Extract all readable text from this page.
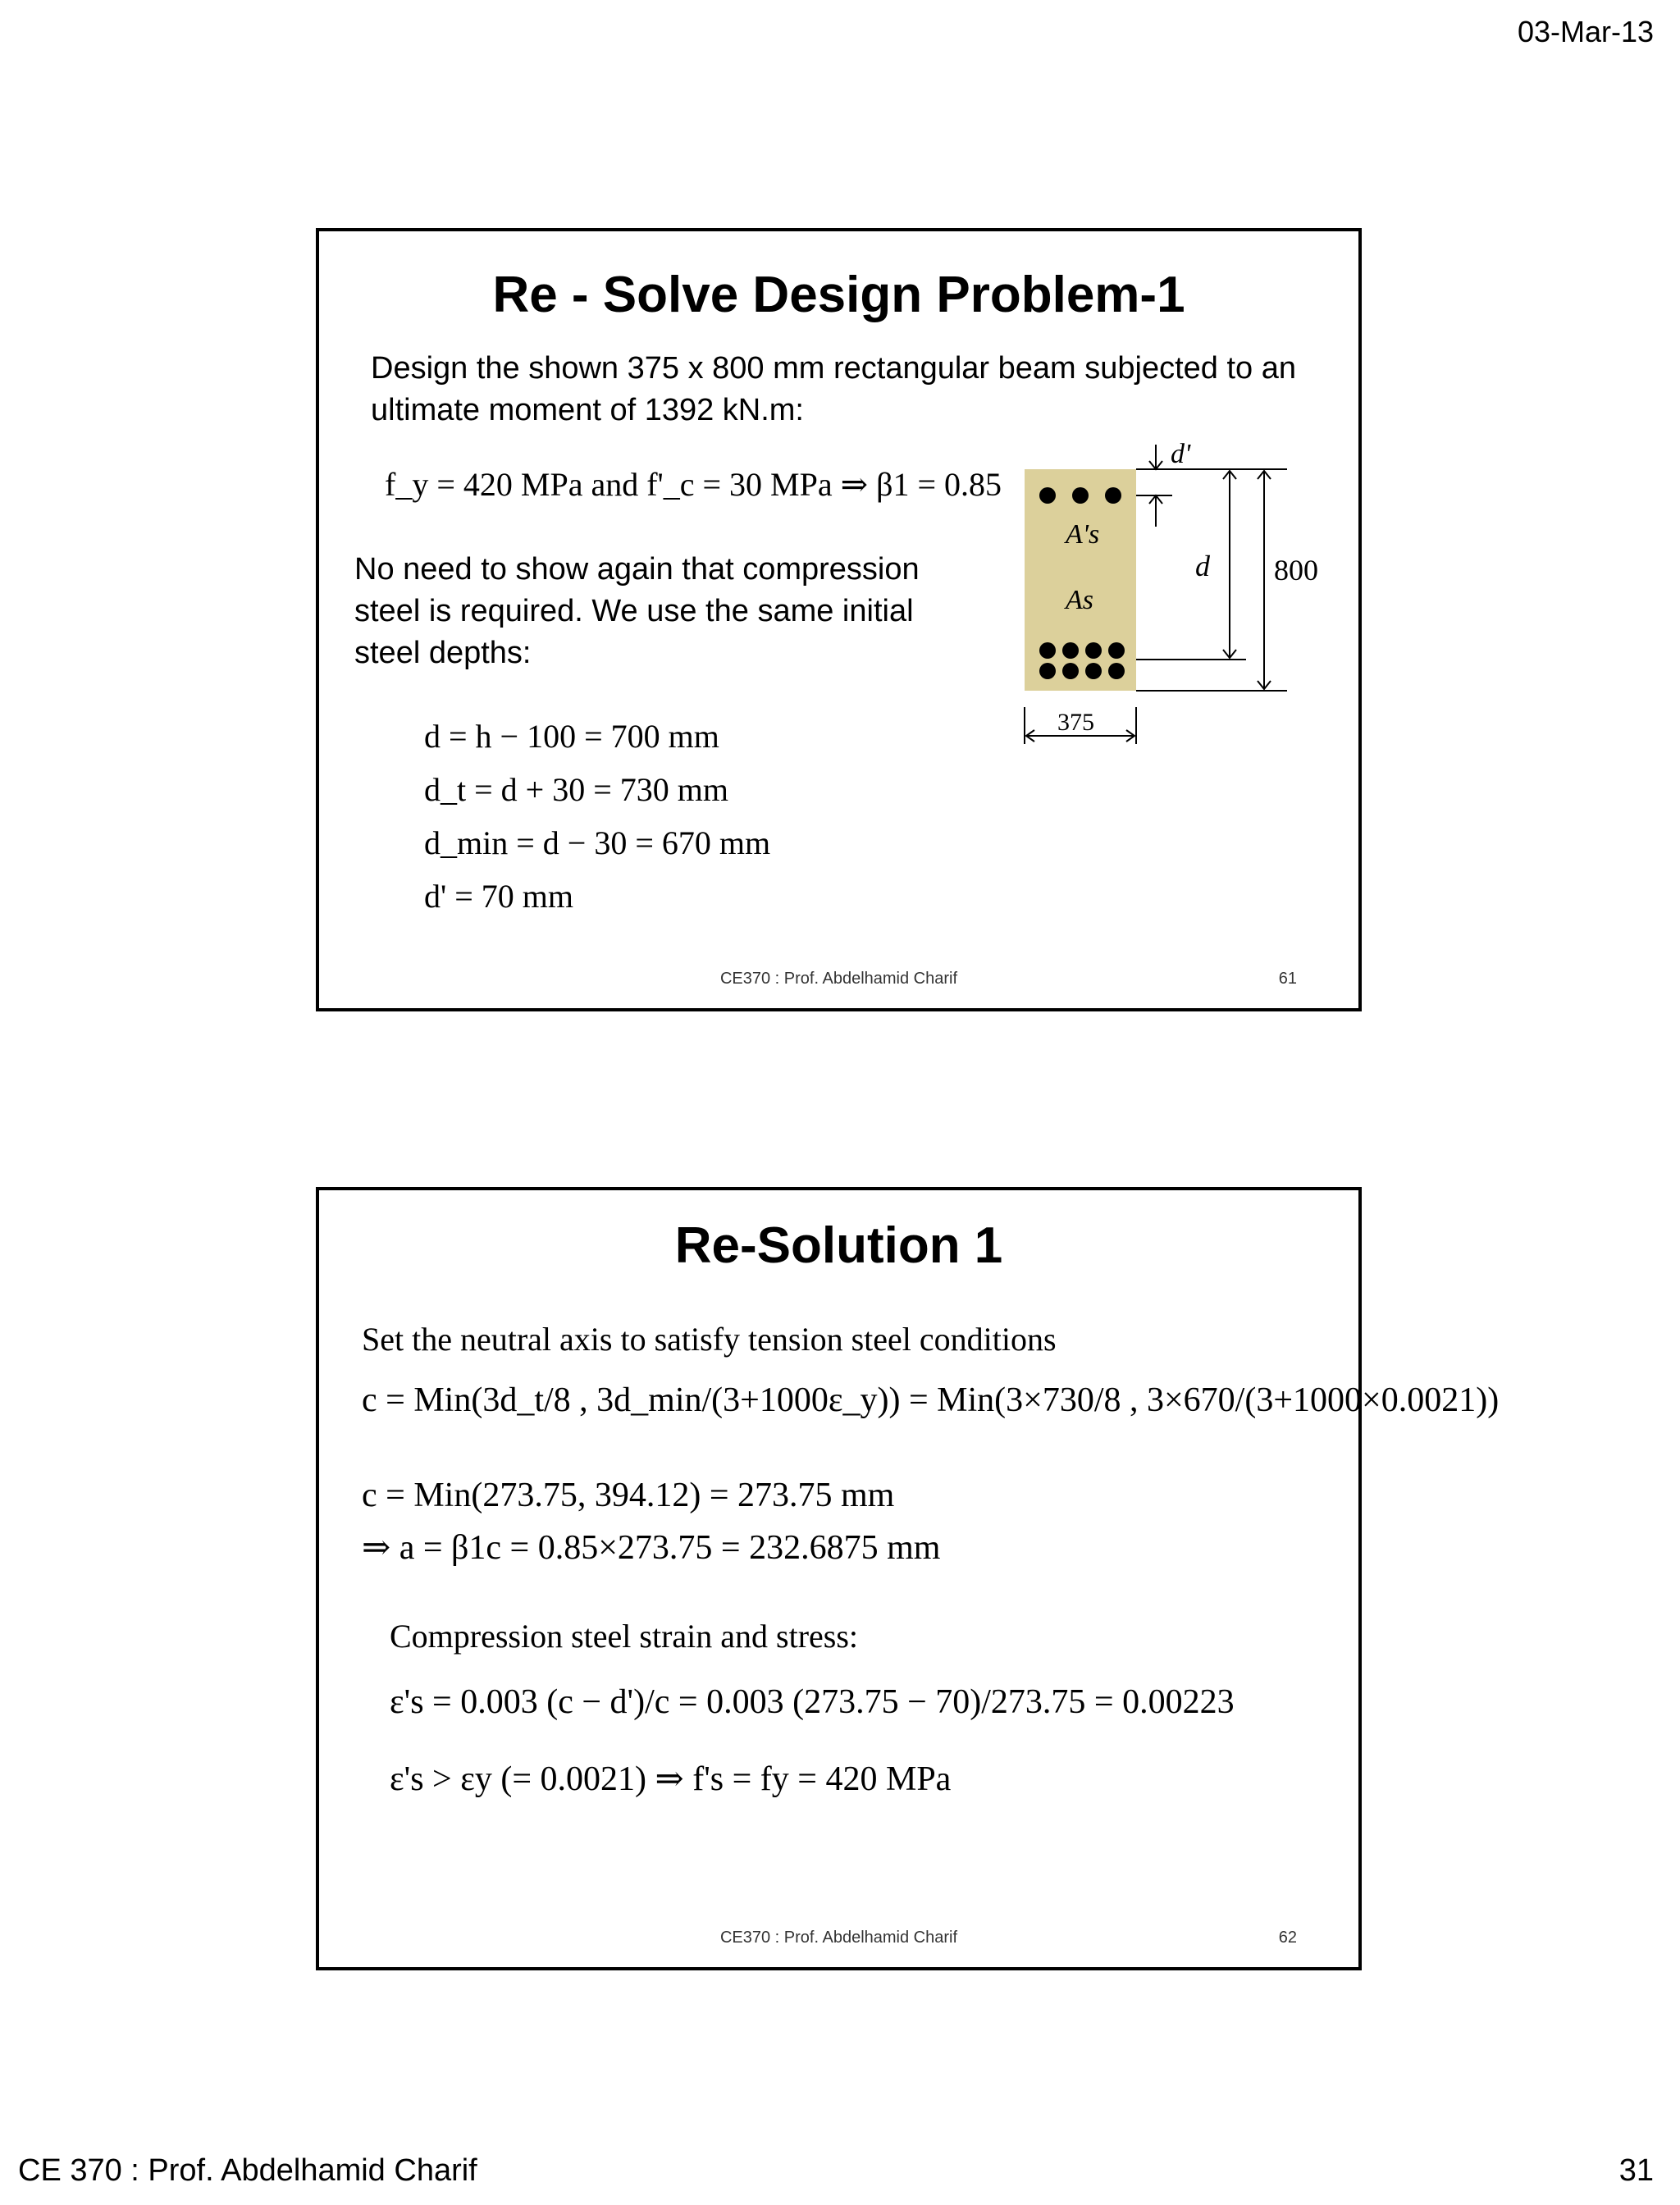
03-Mar-13
Re - Solve Design Problem-1
Design the shown 375 x 800 mm rectangular beam subjected to an ultimate moment of 1392 kN.m:
f_y = 420 MPa and f'_c = 30 MPa ⇒ β1 = 0.85
No need to show again that compression steel is required. We use the same initial steel depths:
d = h − 100 = 700 mm
d_t = d + 30 = 730 mm
d_min = d − 30 = 670 mm
d' = 70 mm
A's
As
d'
d 800
375
CE370 : Prof. Abdelhamid Charif	61
Re-Solution 1
Set the neutral axis to satisfy tension steel conditions
c = Min(3d_t/8 , 3d_min/(3+1000ε_y)) = Min(3×730/8 , 3×670/(3+1000×0.0021))
c = Min(273.75, 394.12) = 273.75 mm
⇒ a = β1c = 0.85×273.75 = 232.6875 mm
Compression steel strain and stress:
ε's = 0.003 (c − d')/c = 0.003 (273.75 − 70)/273.75 = 0.00223
ε's > εy (= 0.0021) ⇒ f's = fy = 420 MPa
CE370 : Prof. Abdelhamid Charif	62
CE 370 : Prof. Abdelhamid Charif	31
